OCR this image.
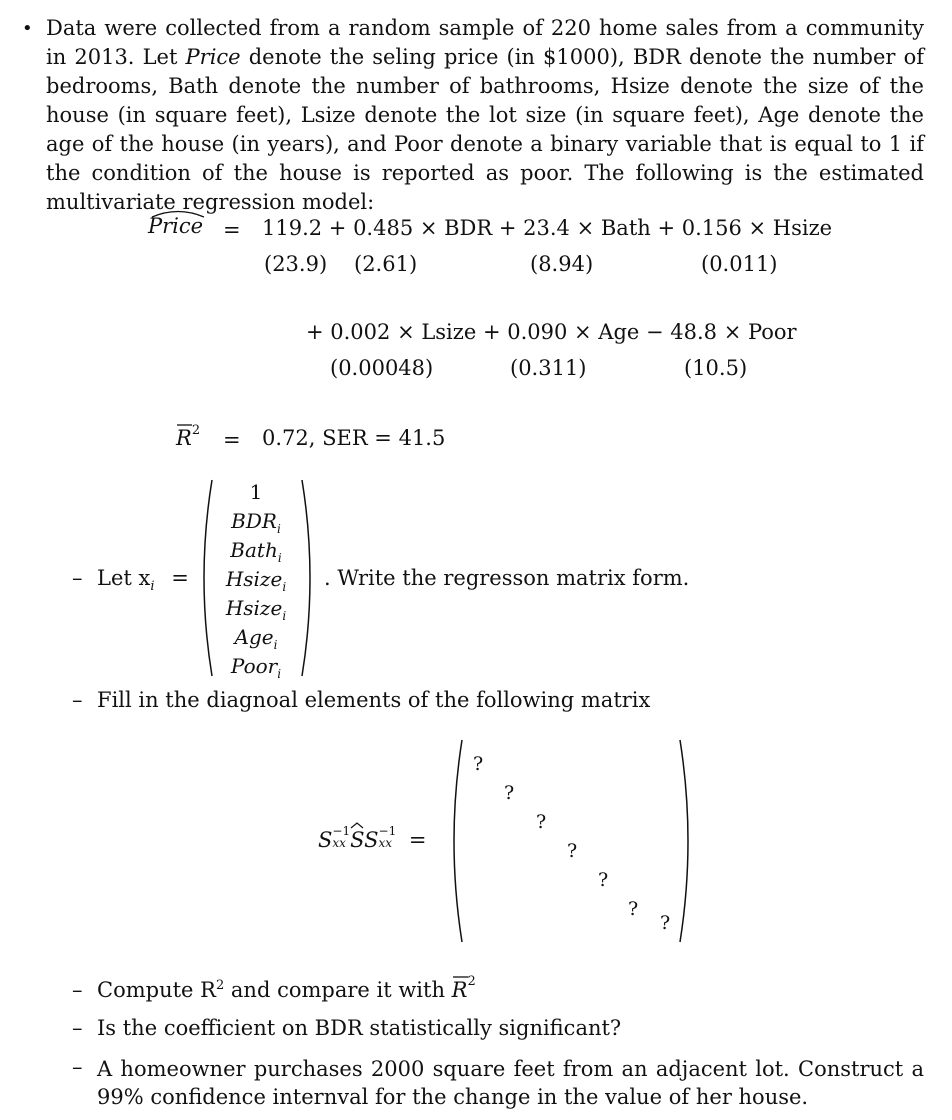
• Data were collected from a random sample of 220 home sales from a community in 2013. Let Price denote the seling price (in $1000), BDR denote the number of bedrooms, Bath denote the number of bathrooms, Hsize denote the size of the house (in square feet), Lsize denote the lot size (in square feet), Age denote the age of the house (in years), and Poor denote a binary variable that is equal to 1 if the condition of the house is reported as poor. The following is the estimated multivariate regression model:
Price = 119.2 + 0.485 × BDR + 23.4 × Bath + 0.156 × Hsize
(23.9) (2.61)	(8.94)	(0.011)
+ 0.002 × Lsize + 0.090 × Age − 48.8 × Poor
(0.00048)	(0.311)	(10.5)
$R^2 = 0.72$, SER = 41.5
– Let $x_i$ =
1
$BDR_i$
Bath$_i$
Hsize$_i$
Hsize$_i$
Age$_i$
Poor$_i$
. Write the regresson matrix form.
– Fill in the diagnoal elements of the following matrix
S −1
xx SS −1
xx =
?
?
?
?
?
?
?
– Compute $R^2$ and compare it with
$R^2$
– Is the coefficient on BDR statistically significant?
– A homeowner purchases 2000 square feet from an adjacent lot. Construct a 99% confidence internval for the change in the value of her house.
